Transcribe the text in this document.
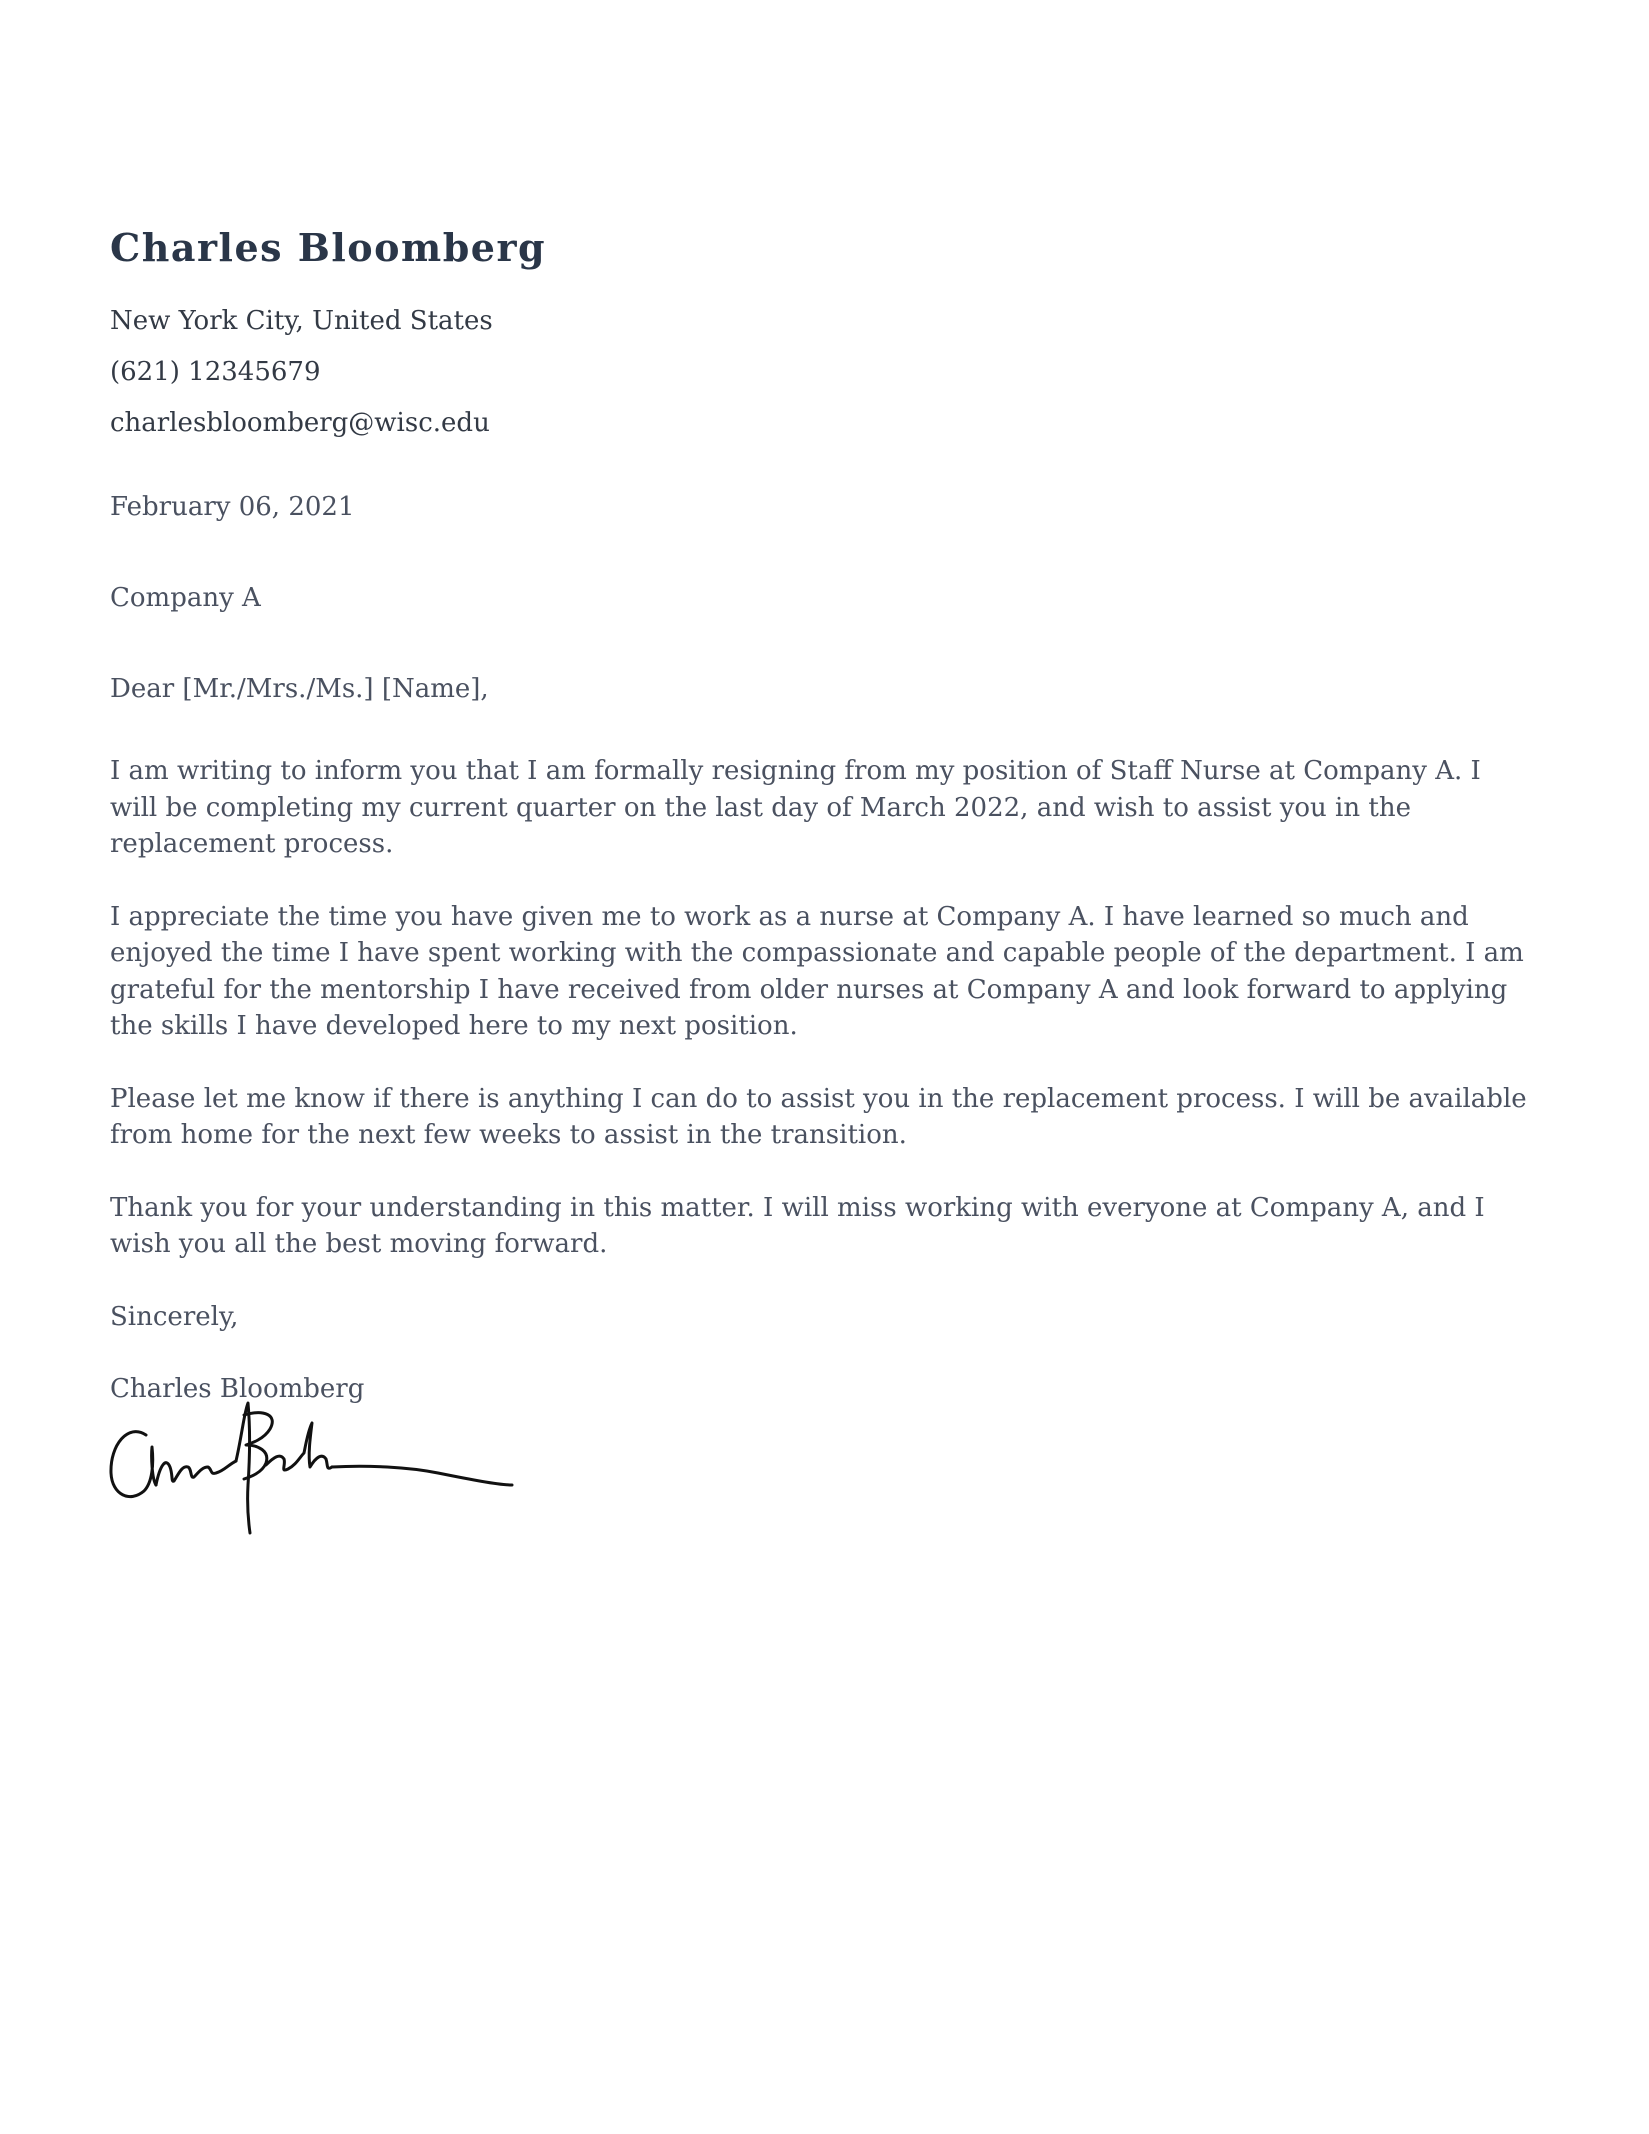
Charles Bloomberg
New York City, United States
(621) 12345679
charlesbloomberg@wisc.edu
February 06, 2021
Company A
Dear [Mr./Mrs./Ms.] [Name],
I am writing to inform you that I am formally resigning from my position of Staff Nurse at Company A. I will be completing my current quarter on the last day of March 2022, and wish to assist you in the replacement process.
I appreciate the time you have given me to work as a nurse at Company A. I have learned so much and enjoyed the time I have spent working with the compassionate and capable people of the department. I am grateful for the mentorship I have received from older nurses at Company A and look forward to applying the skills I have developed here to my next position.
Please let me know if there is anything I can do to assist you in the replacement process. I will be available from home for the next few weeks to assist in the transition.
Thank you for your understanding in this matter. I will miss working with everyone at Company A, and I wish you all the best moving forward.
Sincerely,
Charles Bloomberg
